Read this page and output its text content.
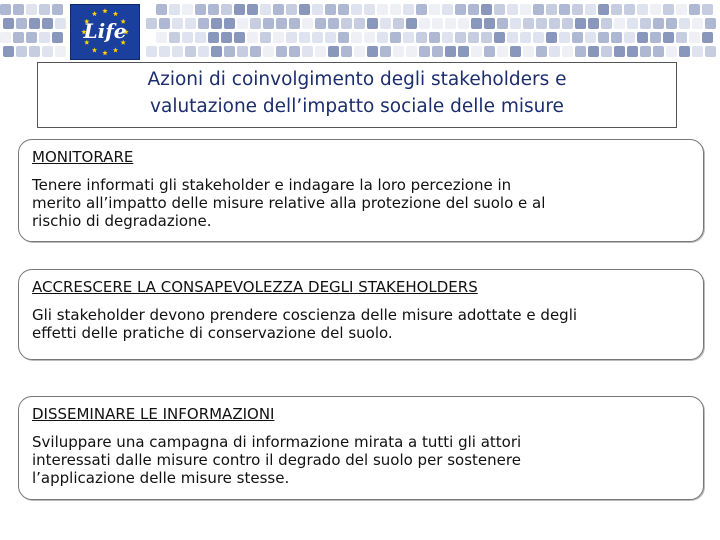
Life
Azioni di coinvolgimento degli stakeholders e
valutazione dell’impatto sociale delle misure
MONITORARE
Tenere informati gli stakeholder e indagare la loro percezione in
merito all’impatto delle misure relative alla protezione del suolo e al
rischio di degradazione.
ACCRESCERE LA CONSAPEVOLEZZA DEGLI STAKEHOLDERS
Gli stakeholder devono prendere coscienza delle misure adottate e degli
effetti delle pratiche di conservazione del suolo.
DISSEMINARE LE INFORMAZIONI
Sviluppare una campagna di informazione mirata a tutti gli attori
interessati dalle misure contro il degrado del suolo per sostenere
l’applicazione delle misure stesse.
